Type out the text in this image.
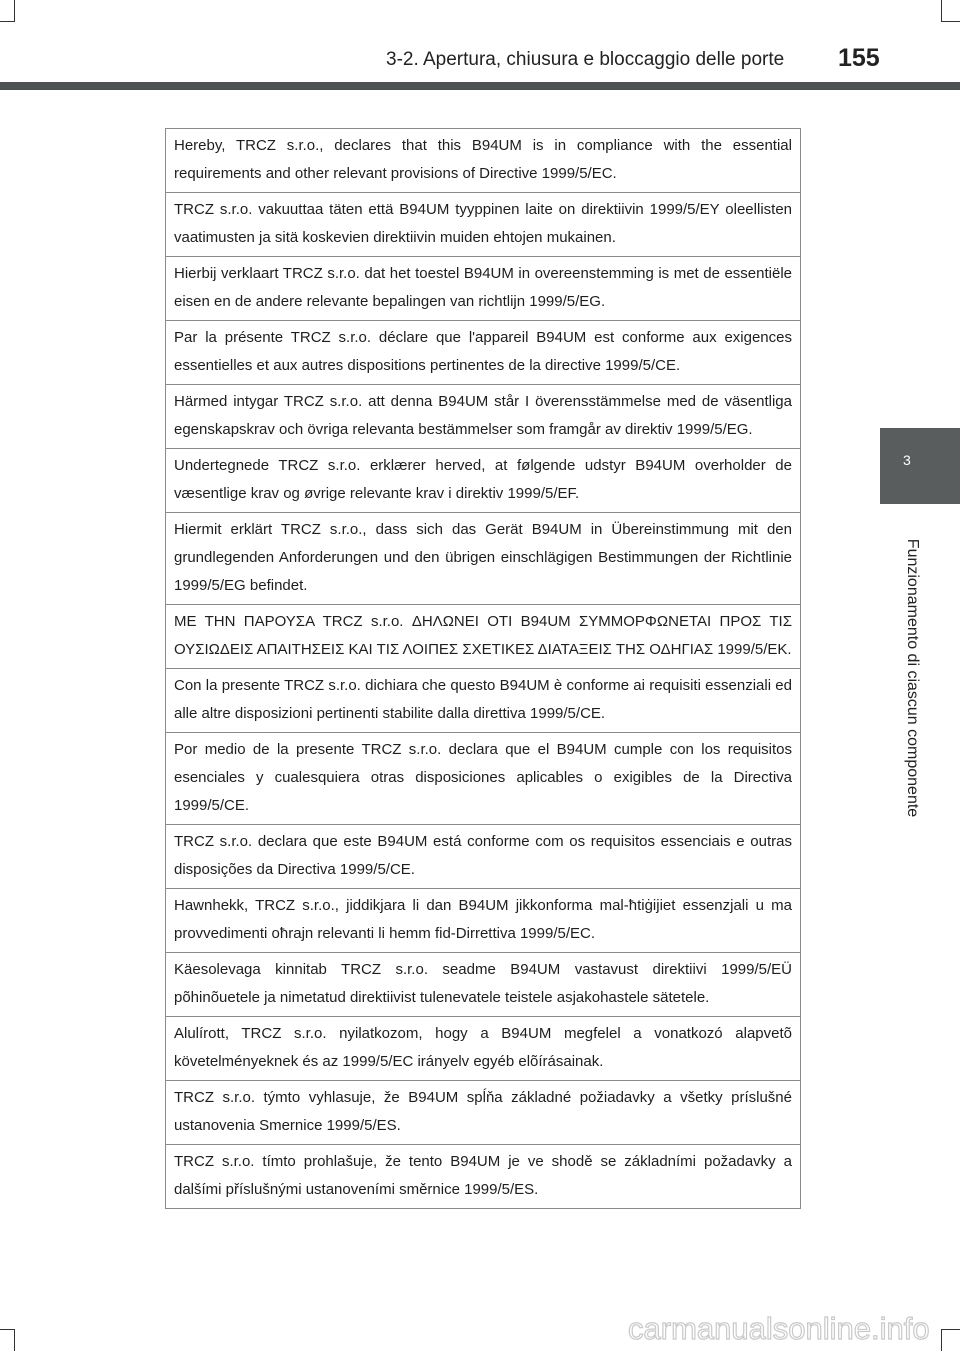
3-2. Apertura, chiusura e bloccaggio delle porte 155
3
Funzionamento di ciascun componente
Hereby, TRCZ s.r.o., declares that this B94UM is in compliance with the essential requirements and other relevant provisions of Directive 1999/5/EC.
TRCZ s.r.o. vakuuttaa täten että B94UM tyyppinen laite on direktiivin 1999/5/EY oleellisten vaatimusten ja sitä koskevien direktiivin muiden ehtojen mukainen.
Hierbij verklaart TRCZ s.r.o. dat het toestel B94UM in overeenstemming is met de essentiële eisen en de andere relevante bepalingen van richtlijn 1999/5/EG.
Par la présente TRCZ s.r.o. déclare que l'appareil B94UM est conforme aux exigences essentielles et aux autres dispositions pertinentes de la directive 1999/5/CE.
Härmed intygar TRCZ s.r.o. att denna B94UM står I överensstämmelse med de väsentliga egenskapskrav och övriga relevanta bestämmelser som framgår av direktiv 1999/5/EG.
Undertegnede TRCZ s.r.o. erklærer herved, at følgende udstyr B94UM overholder de væsentlige krav og øvrige relevante krav i direktiv 1999/5/EF.
Hiermit erklärt TRCZ s.r.o., dass sich das Gerät B94UM in Übereinstimmung mit den grundlegenden Anforderungen und den übrigen einschlägigen Bestimmungen der Richtlinie 1999/5/EG befindet.
ΜΕ ΤΗΝ ΠΑΡΟΥΣΑ TRCZ s.r.o. ΔΗΛΩΝΕΙ ΟΤΙ B94UM ΣΥΜΜΟΡΦΩΝΕΤΑΙ ΠΡΟΣ ΤΙΣ ΟΥΣΙΩΔΕΙΣ ΑΠΑΙΤΗΣΕΙΣ ΚΑΙ ΤΙΣ ΛΟΙΠΕΣ ΣΧΕΤΙΚΕΣ ΔΙΑΤΑΞΕΙΣ ΤΗΣ ΟΔΗΓΙΑΣ 1999/5/ΕΚ.
Con la presente TRCZ s.r.o. dichiara che questo B94UM è conforme ai requisiti essenziali ed alle altre disposizioni pertinenti stabilite dalla direttiva 1999/5/CE.
Por medio de la presente TRCZ s.r.o. declara que el B94UM cumple con los requisitos esenciales y cualesquiera otras disposiciones aplicables o exigibles de la Directiva 1999/5/CE.
TRCZ s.r.o. declara que este B94UM está conforme com os requisitos essenciais e outras disposições da Directiva 1999/5/CE.
Hawnhekk, TRCZ s.r.o., jiddikjara li dan B94UM jikkonforma mal-ħtiġijiet essenzjali u ma provvedimenti oħrajn relevanti li hemm fid-Dirrettiva 1999/5/EC.
Käesolevaga kinnitab TRCZ s.r.o. seadme B94UM vastavust direktiivi 1999/5/EÜ põhinõuetele ja nimetatud direktiivist tulenevatele teistele asjakohastele sätetele.
Alulírott, TRCZ s.r.o. nyilatkozom, hogy a B94UM megfelel a vonatkozó alapvetõ követelményeknek és az 1999/5/EC irányelv egyéb elõírásainak.
TRCZ s.r.o. týmto vyhlasuje, že B94UM spĺňa základné požiadavky a všetky príslušné ustanovenia Smernice 1999/5/ES.
TRCZ s.r.o. tímto prohlašuje, že tento B94UM je ve shodě se základními požadavky a dalšími příslušnými ustanoveními směrnice 1999/5/ES.
carmanualsonline.info
